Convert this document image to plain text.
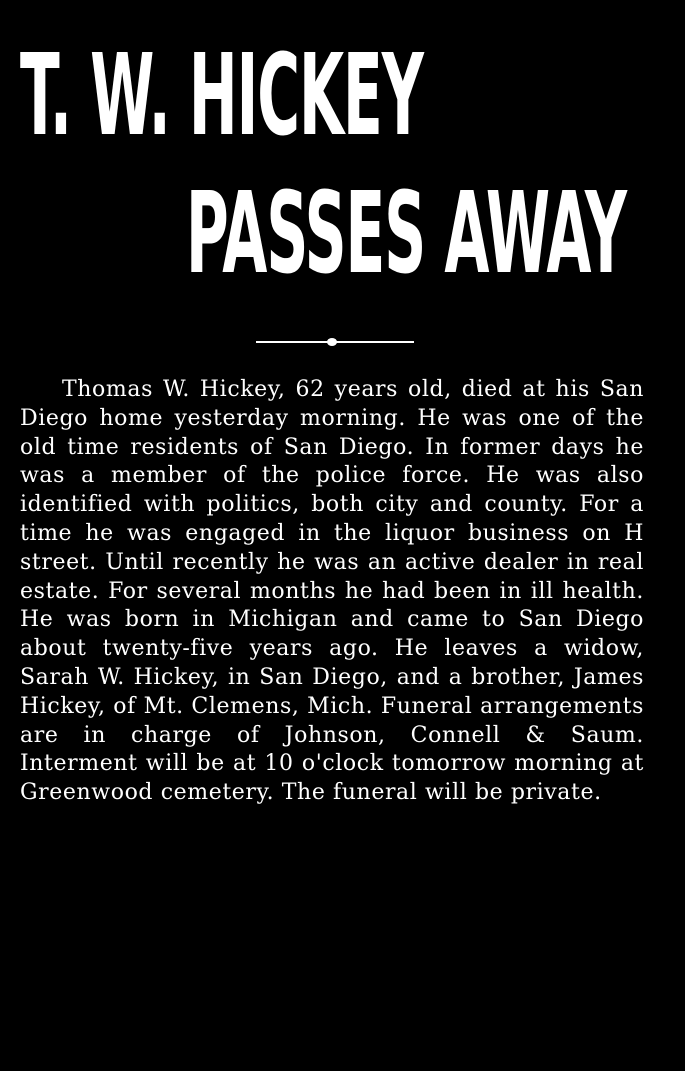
T. W. HICKEY
PASSES AWAY

Thomas W. Hickey, 62 years old, died at his San Diego home yesterday morning. He was one of the old time residents of San Diego. In former days he was a member of the police force. He was also identified with politics, both city and county. For a time he was engaged in the liquor business on H street. Until recently he was an active dealer in real estate. For several months he had been in ill health. He was born in Michigan and came to San Diego about twenty-five years ago. He leaves a widow, Sarah W. Hickey, in San Diego, and a brother, James Hickey, of Mt. Clemens, Mich. Funeral arrangements are in charge of Johnson, Connell & Saum. Interment will be at 10 o'clock tomorrow morning at Greenwood cemetery. The funeral will be private.
